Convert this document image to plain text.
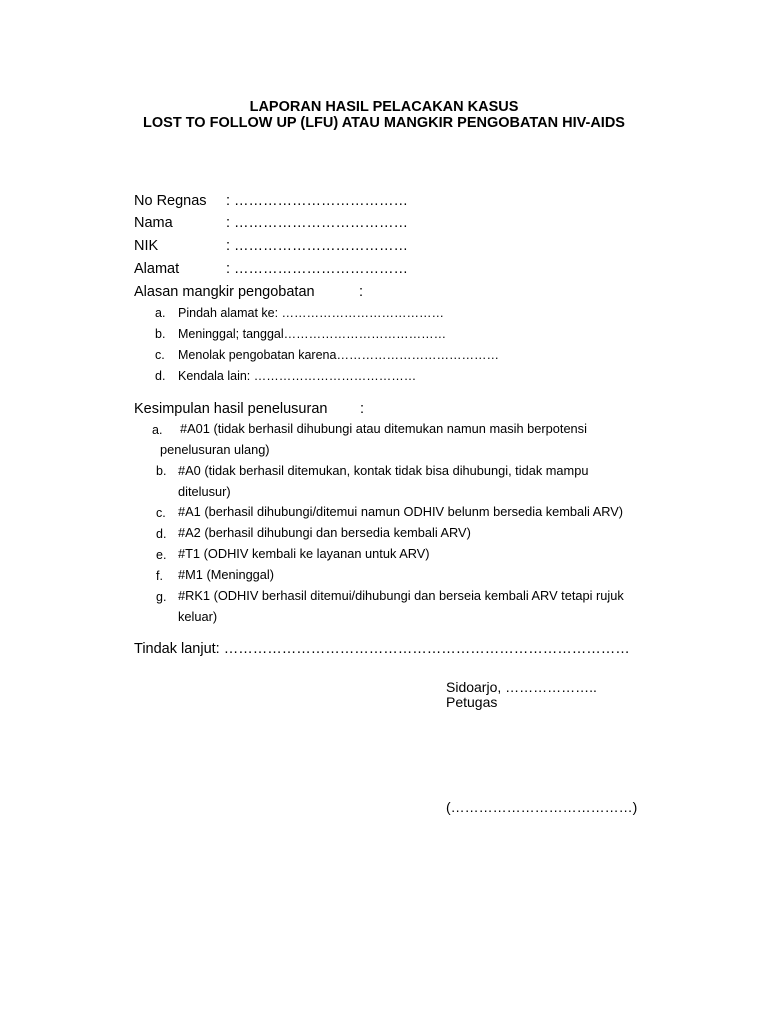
LAPORAN HASIL PELACAKAN KASUS
LOST TO FOLLOW UP (LFU) ATAU MANGKIR PENGOBATAN HIV-AIDS
No Regnas : ………………………………
Nama	: ………………………………
NIK	: ………………………………
Alamat	: ………………………………
Alasan mangkir pengobatan	:
a. Pindah alamat ke: …………………………………
b. Meninggal; tanggal…………………………………
c. Menolak pengobatan karena…………………………………
d. Kendala lain: …………………………………
Kesimpulan hasil penelusuran :
a. #A01 (tidak berhasil dihubungi atau ditemukan namun masih berpotensi
penelusuran ulang)
b. #A0 (tidak berhasil ditemukan, kontak tidak bisa dihubungi, tidak mampu
ditelusur)
c. #A1 (berhasil dihubungi/ditemui namun ODHIV belunm bersedia kembali ARV)
d. #A2 (berhasil dihubungi dan bersedia kembali ARV)
e. #T1 (ODHIV kembali ke layanan untuk ARV)
f. #M1 (Meninggal)
g. #RK1 (ODHIV berhasil ditemui/dihubungi dan berseia kembali ARV tetapi rujuk
keluar)
Tindak lanjut: …………………………………………………………………………
Sidoarjo, ………………..
Petugas
(…………………………………)
